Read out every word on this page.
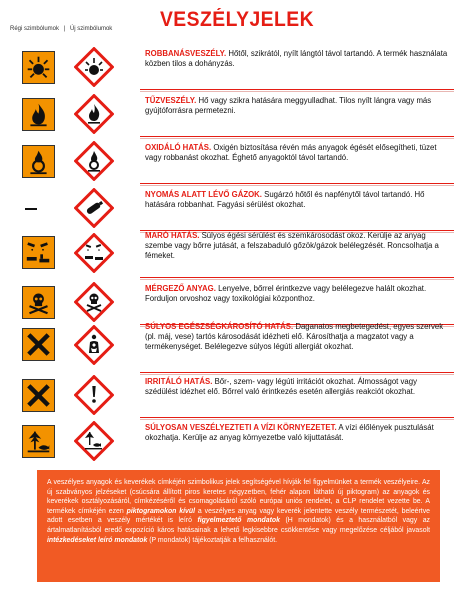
VESZÉLYJELEK
Régi szimbólumok | Új szimbólumok
ROBBANÁSVESZÉLY. Hőtől, szikrától, nyílt lángtól távol tartandó. A termék használata közben tilos a dohányzás.
TŰZVESZÉLY. Hő vagy szikra hatására meggyulladhat. Tilos nyílt lángra vagy más gyújtóforrásra permetezni.
OXIDÁLÓ HATÁS. Oxigén biztosítása révén más anyagok égését elősegítheti, tüzet vagy robbanást okozhat. Éghető anyagoktól távol tartandó.
NYOMÁS ALATT LÉVŐ GÁZOK. Sugárzó hőtől és napfénytől távol tartandó. Hő hatására robbanhat. Fagyási sérülést okozhat.
MARÓ HATÁS. Súlyos égési sérülést és szemkárosodást okoz. Kerülje az anyag szembe vagy bőrre jutását, a felszabaduló gőzök/gázok belélegzését. Roncsolhatja a fémeket.
MÉRGEZŐ ANYAG. Lenyelve, bőrrel érintkezve vagy belélegezve halált okozhat. Forduljon orvoshoz vagy toxikológiai központhoz.
SÚLYOS EGÉSZSÉGKÁROSÍTÓ HATÁS. Daganatos megbetegedést, egyes szervek (pl. máj, vese) tartós károsodását idézheti elő. Károsíthatja a magzatot vagy a termékenységet. Belélegezve súlyos légúti allergiát okozhat.
IRRITÁLÓ HATÁS. Bőr-, szem- vagy légúti irritációt okozhat. Álmosságot vagy szédülést idézhet elő. Bőrrel való érintkezés esetén allergiás reakciót okozhat.
SÚLYOSAN VESZÉLYEZTETI A VÍZI KÖRNYEZETET. A vízi élőlények pusztulását okozhatja. Kerülje az anyag környezetbe való kijuttatását.
A veszélyes anyagok és keverékek címkéjén szimbolikus jelek segítségével hívják fel figyelmünket a termék veszélyeire. Az új szabványos jelzéseket (csúcsára állított piros keretes négyzetben, fehér alapon látható új piktogram) az anyagok és keverékek osztályozásáról, címkézéséről és csomagolásáról szóló európai uniós rendelet, a CLP rendelet vezette be. A termékek címkéjén ezen piktogramokon kívül a veszélyes anyag vagy keverék jelentette veszély természetét, beleértve adott esetben a veszély mértékét is leíró figyelmeztető mondatok (H mondatok) és a használatból vagy az ártalmatlanításból eredő expozíció káros hatásainak a lehető legkisebbre csökkentése vagy megelőzése céljából javasolt intézkedéseket leíró mondatok (P mondatok) tájékoztatják a felhasználót.
